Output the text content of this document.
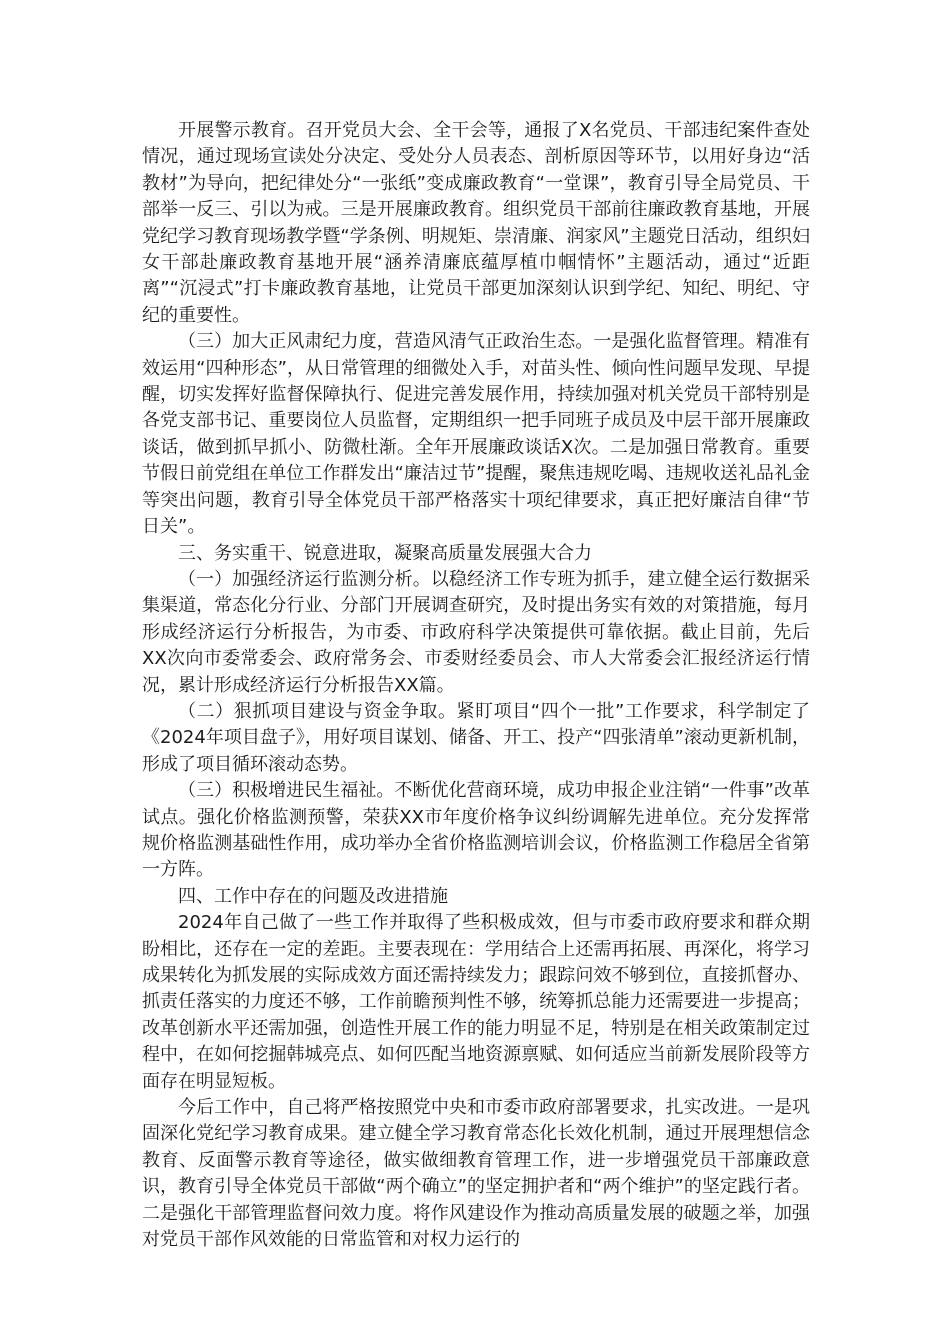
开展警示教育。召开党员大会、全干会等，通报了X名党员、干部违纪案件查处情况，通过现场宣读处分决定、受处分人员表态、剖析原因等环节，以用好身边“活教材”为导向，把纪律处分“一张纸”变成廉政教育“一堂课”，教育引导全局党员、干部举一反三、引以为戒。三是开展廉政教育。组织党员干部前往廉政教育基地，开展党纪学习教育现场教学暨“学条例、明规矩、崇清廉、润家风”主题党日活动，组织妇女干部赴廉政教育基地开展“涵养清廉底蕴厚植巾帼情怀”主题活动，通过“近距离”“沉浸式”打卡廉政教育基地，让党员干部更加深刻认识到学纪、知纪、明纪、守纪的重要性。

（三）加大正风肃纪力度，营造风清气正政治生态。一是强化监督管理。精准有效运用“四种形态”，从日常管理的细微处入手，对苗头性、倾向性问题早发现、早提醒，切实发挥好监督保障执行、促进完善发展作用，持续加强对机关党员干部特别是各党支部书记、重要岗位人员监督，定期组织一把手同班子成员及中层干部开展廉政谈话，做到抓早抓小、防微杜渐。全年开展廉政谈话X次。二是加强日常教育。重要节假日前党组在单位工作群发出“廉洁过节”提醒，聚焦违规吃喝、违规收送礼品礼金等突出问题，教育引导全体党员干部严格落实十项纪律要求，真正把好廉洁自律“节日关”。

三、务实重干、锐意进取，凝聚高质量发展强大合力

（一）加强经济运行监测分析。以稳经济工作专班为抓手，建立健全运行数据采集渠道，常态化分行业、分部门开展调查研究，及时提出务实有效的对策措施，每月形成经济运行分析报告，为市委、市政府科学决策提供可靠依据。截止目前，先后XX次向市委常委会、政府常务会、市委财经委员会、市人大常委会汇报经济运行情况，累计形成经济运行分析报告XX篇。

（二）狠抓项目建设与资金争取。紧盯项目“四个一批”工作要求，科学制定了《2024年项目盘子》，用好项目谋划、储备、开工、投产“四张清单”滚动更新机制，形成了项目循环滚动态势。

（三）积极增进民生福祉。不断优化营商环境，成功申报企业注销“一件事”改革试点。强化价格监测预警，荣获XX市年度价格争议纠纷调解先进单位。充分发挥常规价格监测基础性作用，成功举办全省价格监测培训会议，价格监测工作稳居全省第一方阵。

四、工作中存在的问题及改进措施

2024年自己做了一些工作并取得了些积极成效，但与市委市政府要求和群众期盼相比，还存在一定的差距。主要表现在：学用结合上还需再拓展、再深化，将学习成果转化为抓发展的实际成效方面还需持续发力；跟踪问效不够到位，直接抓督办、抓责任落实的力度还不够，工作前瞻预判性不够，统筹抓总能力还需要进一步提高；改革创新水平还需加强，创造性开展工作的能力明显不足，特别是在相关政策制定过程中，在如何挖掘韩城亮点、如何匹配当地资源禀赋、如何适应当前新发展阶段等方面存在明显短板。

今后工作中，自己将严格按照党中央和市委市政府部署要求，扎实改进。一是巩固深化党纪学习教育成果。建立健全学习教育常态化长效化机制，通过开展理想信念教育、反面警示教育等途径，做实做细教育管理工作，进一步增强党员干部廉政意识，教育引导全体党员干部做“两个确立”的坚定拥护者和“两个维护”的坚定践行者。二是强化干部管理监督问效力度。将作风建设作为推动高质量发展的破题之举，加强对党员干部作风效能的日常监管和对权力运行的
